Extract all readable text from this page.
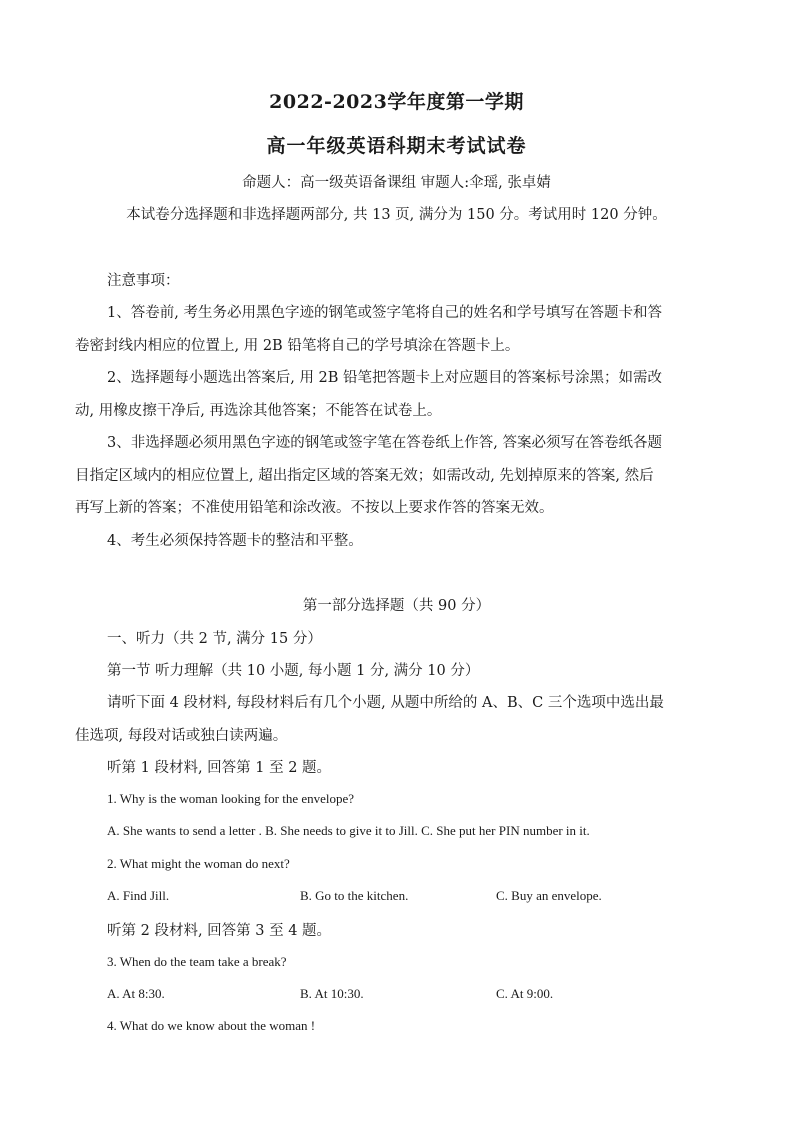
2022-2023学年度第一学期
高一年级英语科期末考试试卷
命题人：高一级英语备课组 审题人:伞瑶, 张卓婧
本试卷分选择题和非选择题两部分, 共 13 页, 满分为 150 分。考试用时 120 分钟。
注意事项：
1、答卷前, 考生务必用黑色字迹的钢笔或签字笔将自己的姓名和学号填写在答题卡和答
卷密封线内相应的位置上, 用 2B 铅笔将自己的学号填涂在答题卡上。
2、选择题每小题选出答案后, 用 2B 铅笔把答题卡上对应题目的答案标号涂黑；如需改
动, 用橡皮擦干净后, 再选涂其他答案；不能答在试卷上。
3、非选择题必须用黑色字迹的钢笔或签字笔在答卷纸上作答, 答案必须写在答卷纸各题
目指定区域内的相应位置上, 超出指定区域的答案无效；如需改动, 先划掉原来的答案, 然后
再写上新的答案；不准使用铅笔和涂改液。不按以上要求作答的答案无效。
4、考生必须保持答题卡的整洁和平整。
第一部分选择题（共 90 分）
一、听力（共 2 节, 满分 15 分）
第一节 听力理解（共 10 小题, 每小题 1 分, 满分 10 分）
请听下面 4 段材料, 每段材料后有几个小题, 从题中所给的 A、B、C 三个选项中选出最
佳选项, 每段对话或独白读两遍。
听第 1 段材料, 回答第 1 至 2 题。
1. Why is the woman looking for the envelope?
A. She wants to send a letter . B. She needs to give it to Jill. C. She put her PIN number in it.
2. What might the woman do next?
A. Find Jill.	B. Go to the kitchen.	C. Buy an envelope.
听第 2 段材料, 回答第 3 至 4 题。
3. When do the team take a break?
A. At 8:30.	B. At 10:30.	C. At 9:00.
4. What do we know about the woman !
